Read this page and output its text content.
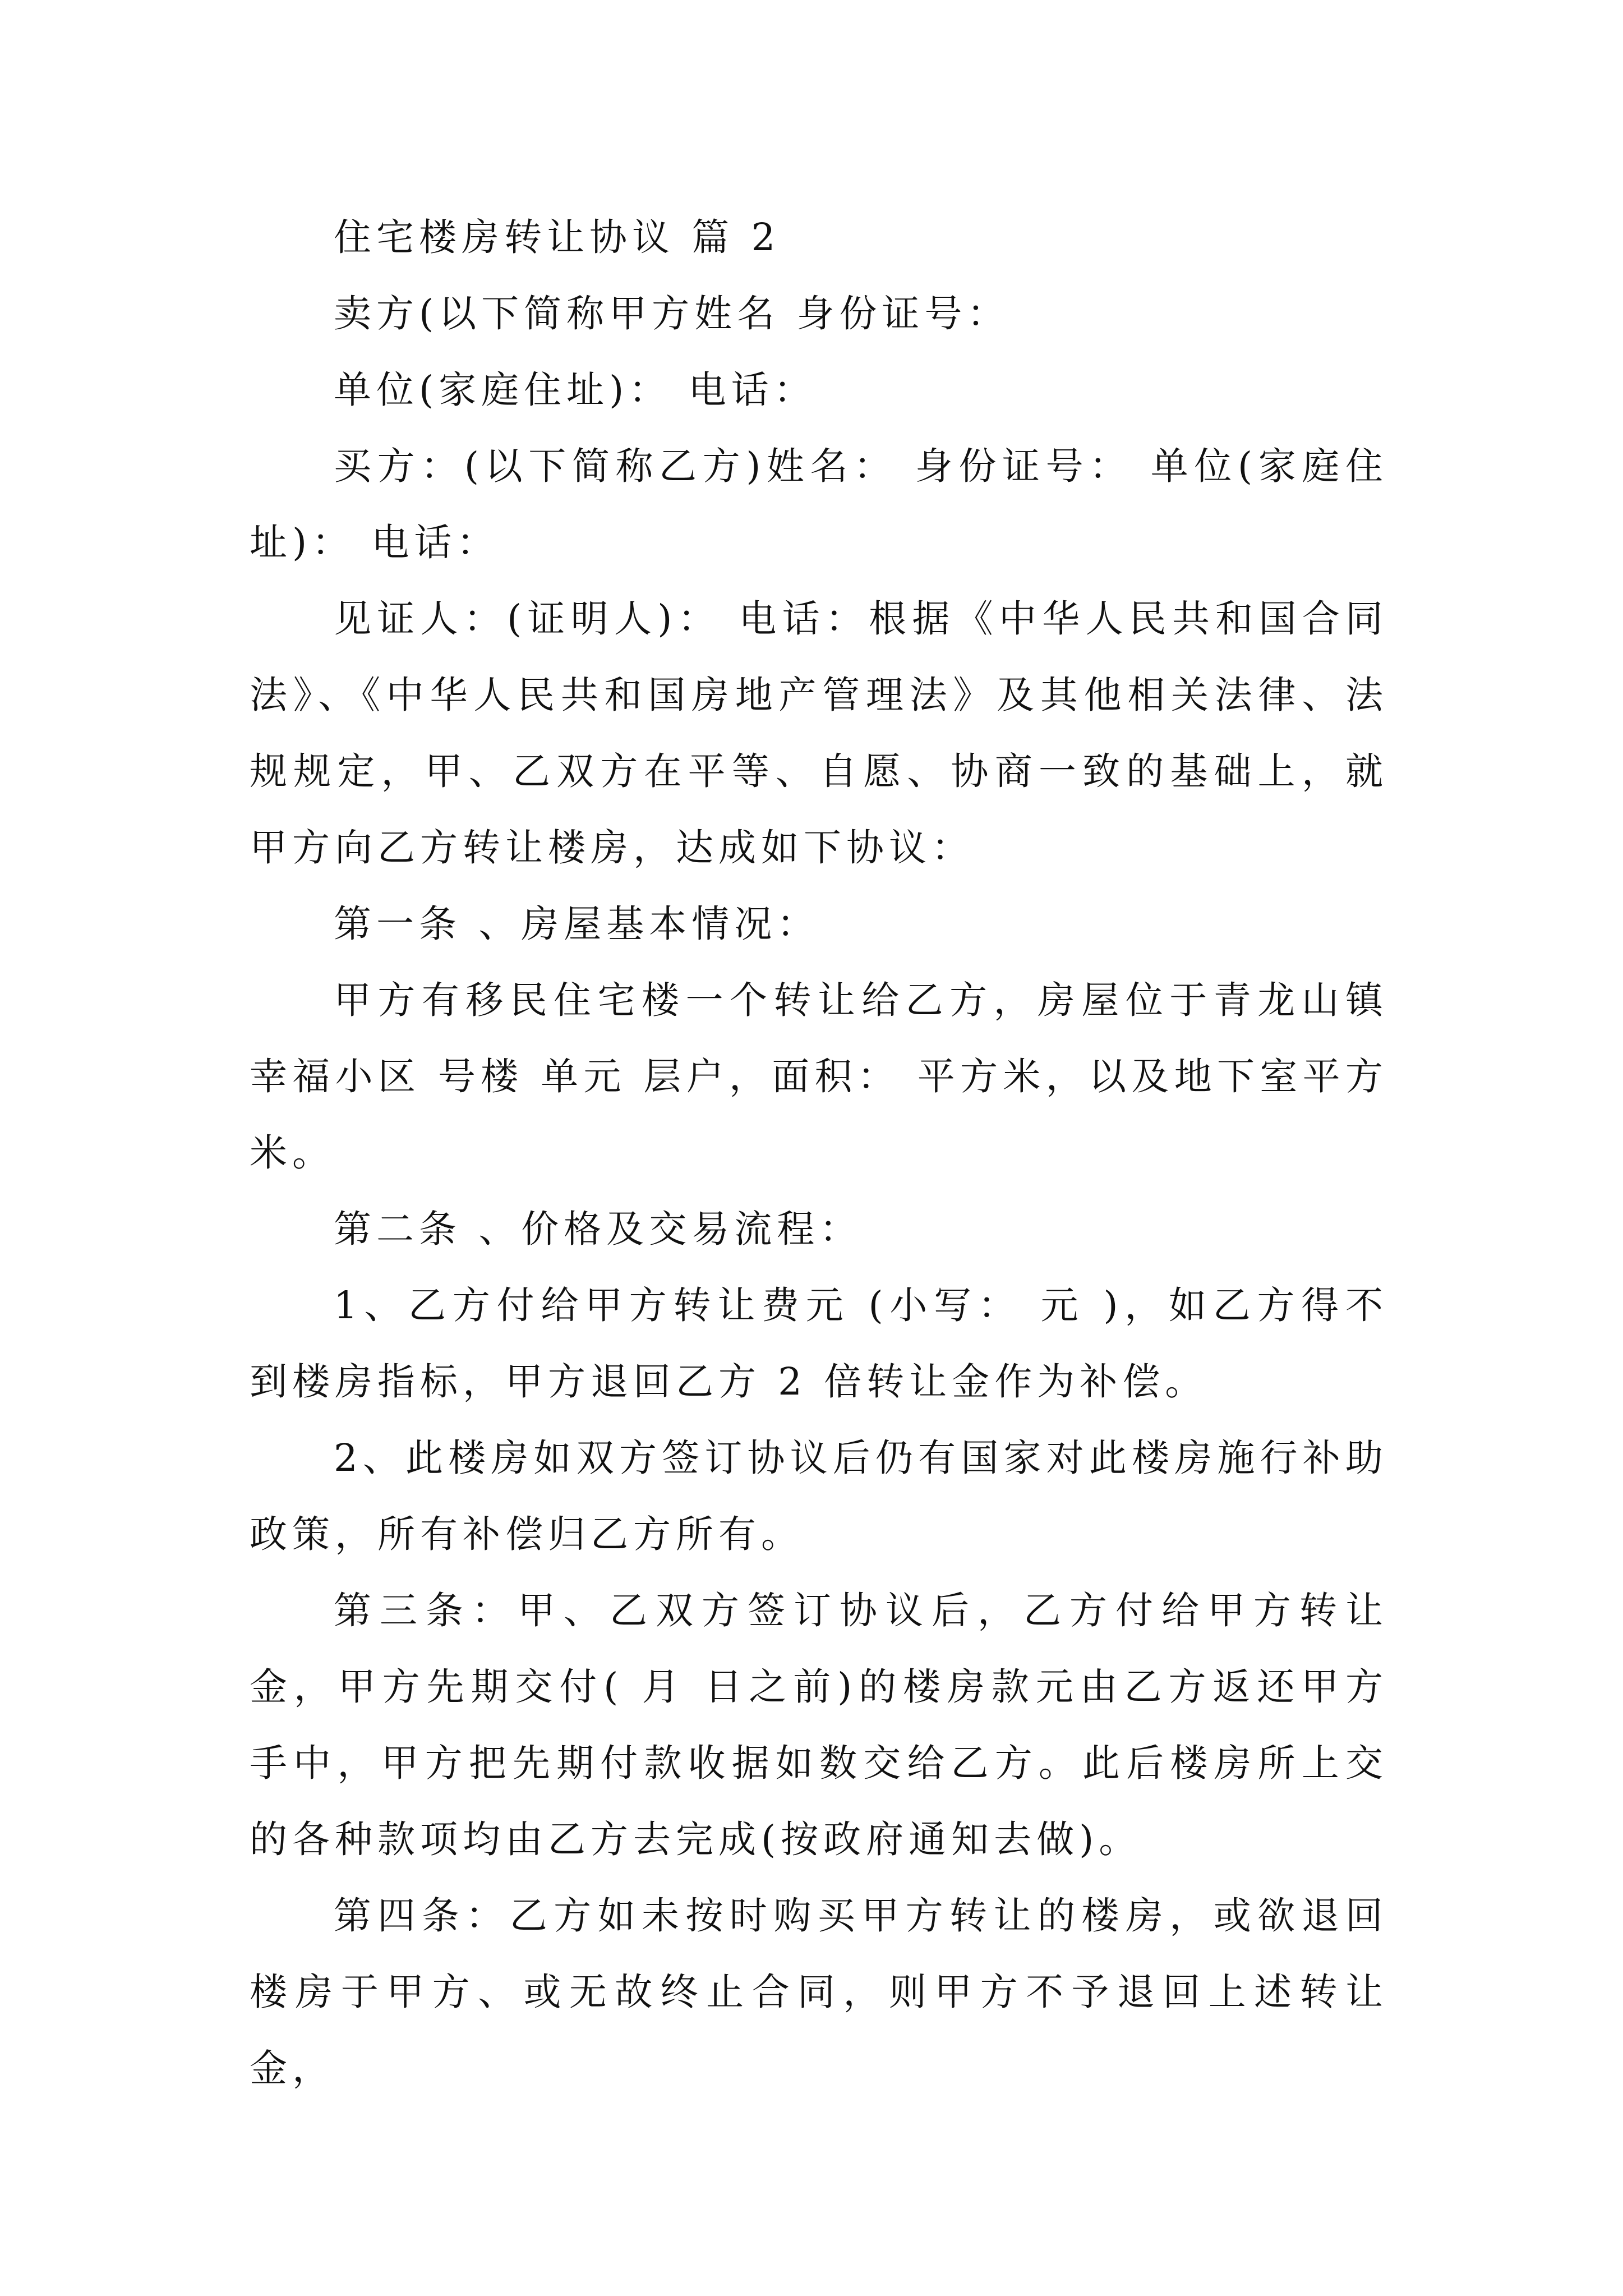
住宅楼房转让协议 篇 2

卖方(以下简称甲方姓名 身份证号：

单位(家庭住址)： 电话：

买方：(以下简称乙方)姓名： 身份证号： 单位(家庭住址)： 电话：

见证人：(证明人)： 电话：根据《中华人民共和国合同法》、《中华人民共和国房地产管理法》及其他相关法律、法规规定，甲、乙双方在平等、自愿、协商一致的基础上，就甲方向乙方转让楼房，达成如下协议：

第一条 、房屋基本情况：

甲方有移民住宅楼一个转让给乙方，房屋位于青龙山镇幸福小区 号楼 单元 层户，面积： 平方米，以及地下室平方米。

第二条 、价格及交易流程：

1、乙方付给甲方转让费元 (小写： 元 )，如乙方得不到楼房指标，甲方退回乙方 2 倍转让金作为补偿。

2、此楼房如双方签订协议后仍有国家对此楼房施行补助政策，所有补偿归乙方所有。

第三条：甲、乙双方签订协议后，乙方付给甲方转让金，甲方先期交付( 月 日之前)的楼房款元由乙方返还甲方手中，甲方把先期付款收据如数交给乙方。此后楼房所上交的各种款项均由乙方去完成(按政府通知去做)。

第四条：乙方如未按时购买甲方转让的楼房，或欲退回楼房于甲方、或无故终止合同，则甲方不予退回上述转让金，
